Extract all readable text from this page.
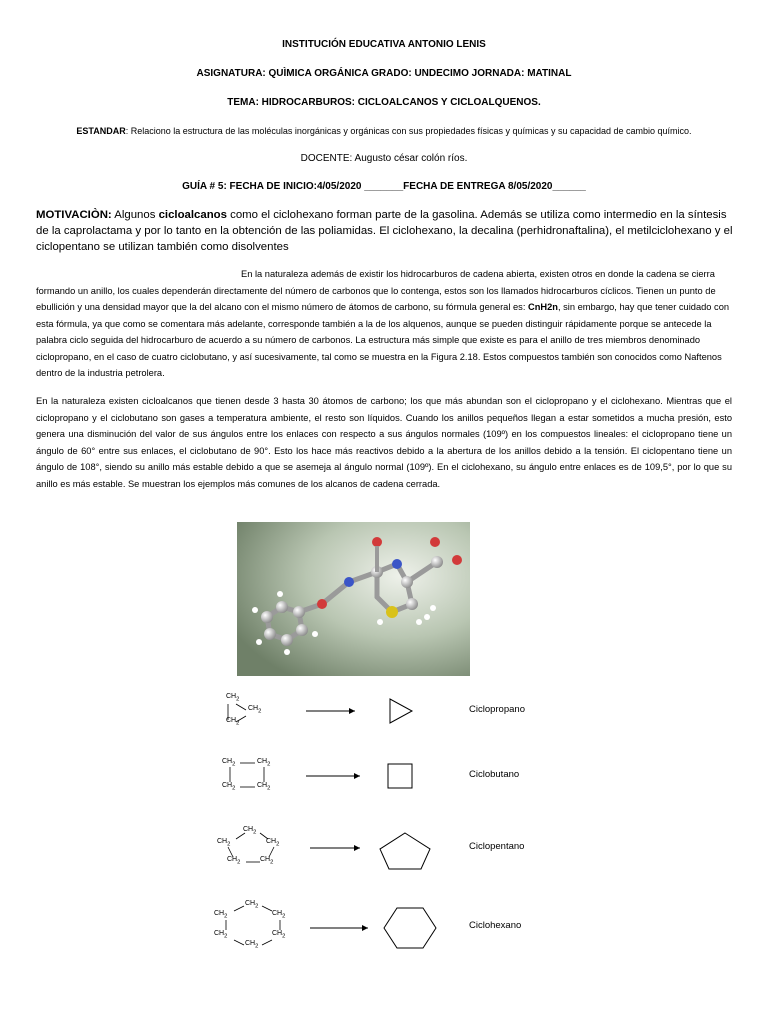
INSTITUCIÓN EDUCATIVA ANTONIO LENIS
ASIGNATURA: QUÌMICA ORGÁNICA GRADO: UNDECIMO JORNADA: MATINAL
TEMA: HIDROCARBUROS: CICLOALCANOS Y CICLOALQUENOS.
ESTANDAR: Relaciono la estructura de las moléculas inorgánicas y orgánicas con sus propiedades físicas y químicas y su capacidad de cambio químico.
DOCENTE: Augusto césar colón ríos.
GUÍA # 5: FECHA DE INICIO:4/05/2020 _______FECHA DE ENTREGA 8/05/2020______
MOTIVACIÒN: Algunos cicloalcanos como el ciclohexano forman parte de la gasolina. Además se utiliza como intermedio en la síntesis de la caprolactama y por lo tanto en la obtención de las poliamidas. El ciclohexano, la decalina (perhidronaftalina), el metilciclohexano y el ciclopentano se utilizan también como disolventes
En la naturaleza además de existir los hidrocarburos de cadena abierta, existen otros en donde la cadena se cierra formando un anillo, los cuales dependerán directamente del número de carbonos que lo contenga, estos son los llamados hidrocarburos cíclicos. Tienen un punto de ebullición y una densidad mayor que la del alcano con el mismo número de átomos de carbono, su fórmula general es: CnH2n, sin embargo, hay que tener cuidado con esta fórmula, ya que como se comentara más adelante, corresponde también a la de los alquenos, aunque se pueden distinguir rápidamente porque se antecede la palabra ciclo seguida del hidrocarburo de acuerdo a su número de carbonos. La estructura más simple que existe es para el anillo de tres miembros denominado ciclopropano, en el caso de cuatro ciclobutano, y así sucesivamente, tal como se muestra en la Figura 2.18. Estos compuestos también son conocidos como Naftenos dentro de la industria petrolera.
En la naturaleza existen cicloalcanos que tienen desde 3 hasta 30 átomos de carbono; los que más abundan son el ciclopropano y el ciclohexano. Mientras que el ciclopropano y el ciclobutano son gases a temperatura ambiente, el resto son líquidos. Cuando los anillos pequeños llegan a estar sometidos a mucha presión, esto genera una disminución del valor de sus ángulos entre los enlaces con respecto a sus ángulos normales (109º) en los compuestos lineales: el ciclopropano tiene un ángulo de 60° entre sus enlaces, el ciclobutano de 90°. Esto los hace más reactivos debido a la abertura de los anillos debido a la tensión. El ciclopentano tiene un ángulo de 108°, siendo su anillo más estable debido a que se asemeja al ángulo normal (109º). En el ciclohexano, su ángulo entre enlaces es de 109,5°, por lo que su anillo es más estable. Se muestran los ejemplos más comunes de los alcanos de cadena cerrada.
$CH_2$
$CH_2$
$CH_2$
Ciclopropano
$CH_2$	$CH_2$
$CH_2$	$CH_2$
Ciclobutano
$CH_2$
$CH_2$	$CH_2$
$CH_2$	$CH_2$
Ciclopentano
$CH_2$
$CH_2$	$CH_2$
$CH_2$	$CH_2$
$CH_2$
Ciclohexano
